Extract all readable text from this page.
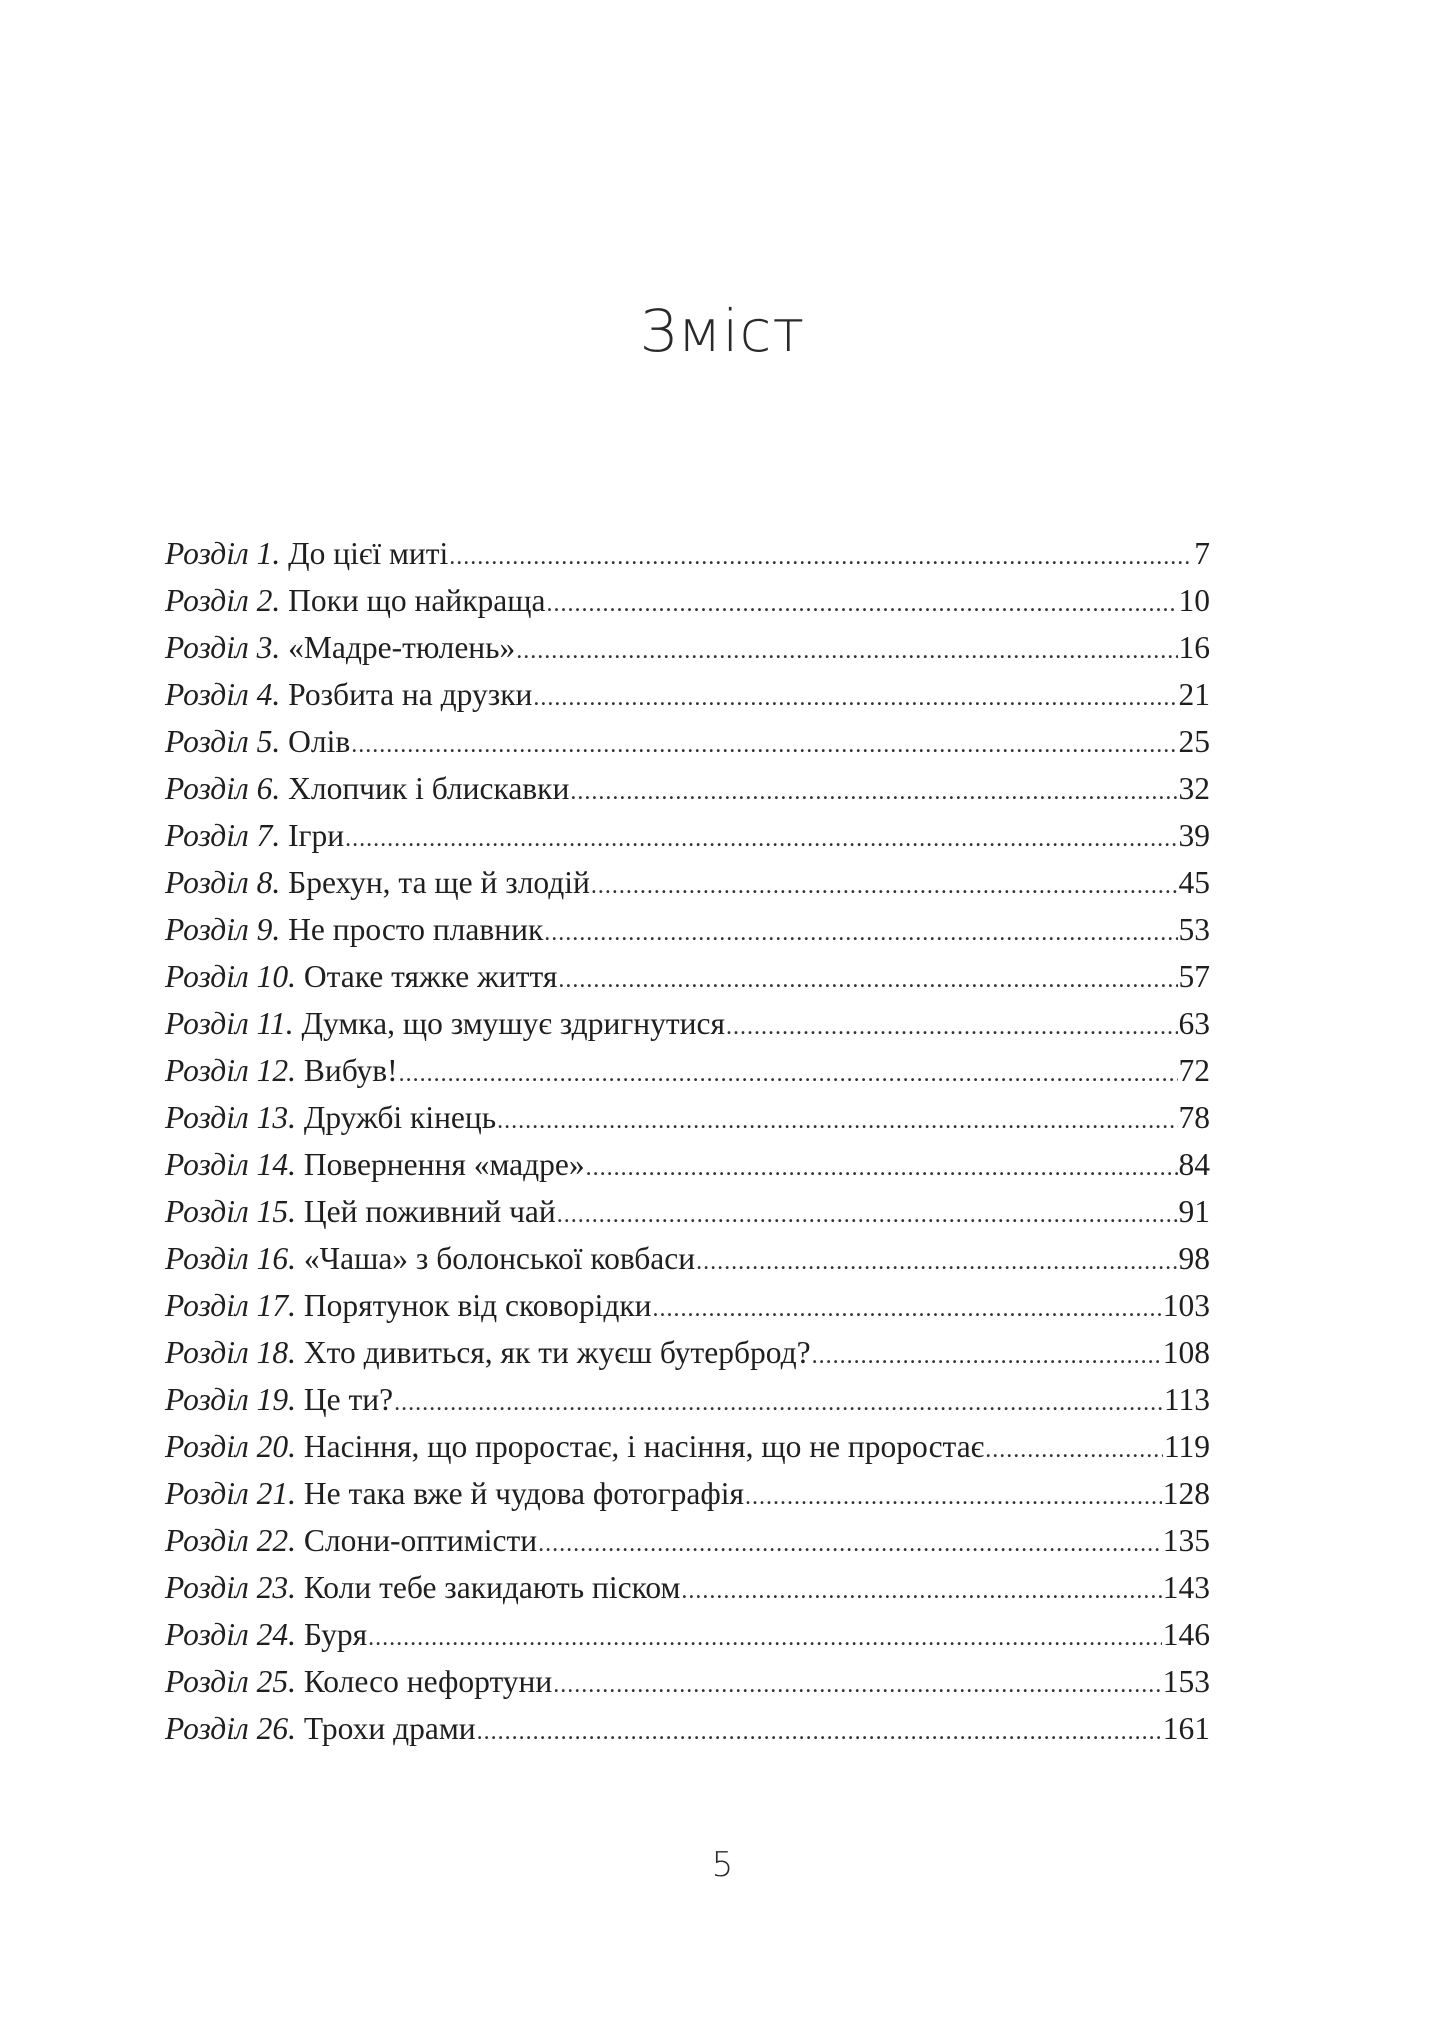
Зміст
Розділ 1. До цієї миті .....	7
Розділ 2. Поки що найкраща .....	10
Розділ 3. «Мадре-тюлень» .....	16
Розділ 4. Розбита на друзки .....	21
Розділ 5. Олів .....	25
Розділ 6. Хлопчик і блискавки .....	32
Розділ 7. Ігри .....	39
Розділ 8. Брехун, та ще й злодій .....	45
Розділ 9. Не просто плавник .....	53
Розділ 10. Отаке тяжке життя .....	57
Розділ 11. Думка, що змушує здригнутися .....	63
Розділ 12. Вибув! .....	72
Розділ 13. Дружбі кінець .....	78
Розділ 14. Повернення «мадре» .....	84
Розділ 15. Цей поживний чай .....	91
Розділ 16. «Чаша» з болонської ковбаси .....	98
Розділ 17. Порятунок від сковорідки .....	103
Розділ 18. Хто дивиться, як ти жуєш бутерброд? .....	108
Розділ 19. Це ти? .....	113
Розділ 20. Насіння, що проростає, і насіння, що не проростає .....	119
Розділ 21. Не така вже й чудова фотографія .....	128
Розділ 22. Слони-оптимісти .....	135
Розділ 23. Коли тебе закидають піском .....	143
Розділ 24. Буря .....	146
Розділ 25. Колесо нефортуни .....	153
Розділ 26. Трохи драми .....	161
5
